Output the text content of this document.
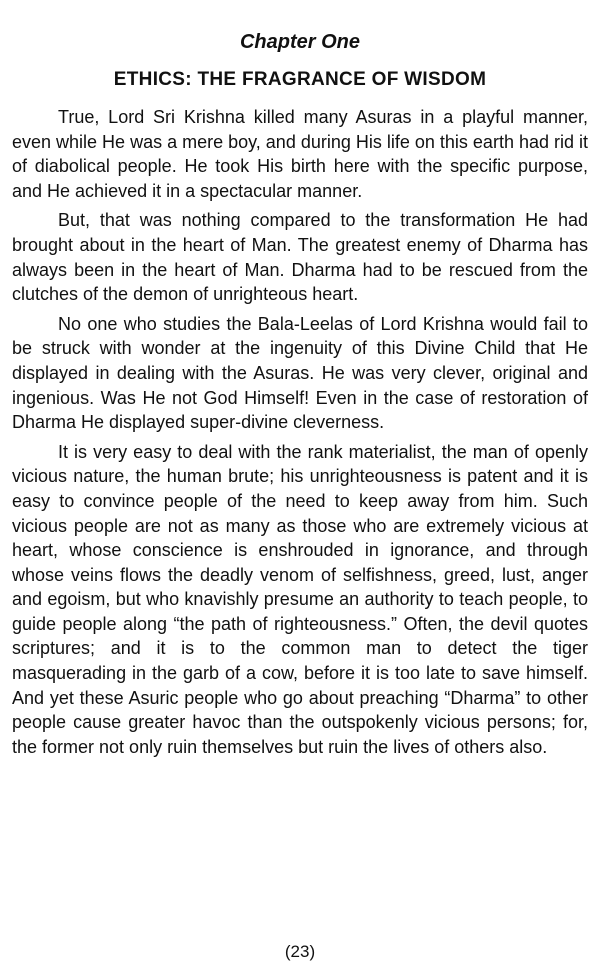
Chapter One
ETHICS: THE FRAGRANCE OF WISDOM

True, Lord Sri Krishna killed many Asuras in a playful manner, even while He was a mere boy, and during His life on this earth had rid it of diabolical people. He took His birth here with the specific purpose, and He achieved it in a spectacular manner.

But, that was nothing compared to the transformation He had brought about in the heart of Man. The greatest enemy of Dharma has always been in the heart of Man. Dharma had to be rescued from the clutches of the demon of unrighteous heart.

No one who studies the Bala-Leelas of Lord Krishna would fail to be struck with wonder at the ingenuity of this Divine Child that He displayed in dealing with the Asuras. He was very clever, original and ingenious. Was He not God Himself! Even in the case of restoration of Dharma He displayed super-divine cleverness.

It is very easy to deal with the rank materialist, the man of openly vicious nature, the human brute; his unrighteousness is patent and it is easy to convince people of the need to keep away from him. Such vicious people are not as many as those who are extremely vicious at heart, whose conscience is enshrouded in ignorance, and through whose veins flows the deadly venom of selfishness, greed, lust, anger and egoism, but who knavishly presume an authority to teach people, to guide people along “the path of righteousness.” Often, the devil quotes scriptures; and it is to the common man to detect the tiger masquerading in the garb of a cow, before it is too late to save himself. And yet these Asuric people who go about preaching “Dharma” to other people cause greater havoc than the outspokenly vicious persons; for, the former not only ruin themselves but ruin the lives of others also.

(23)
